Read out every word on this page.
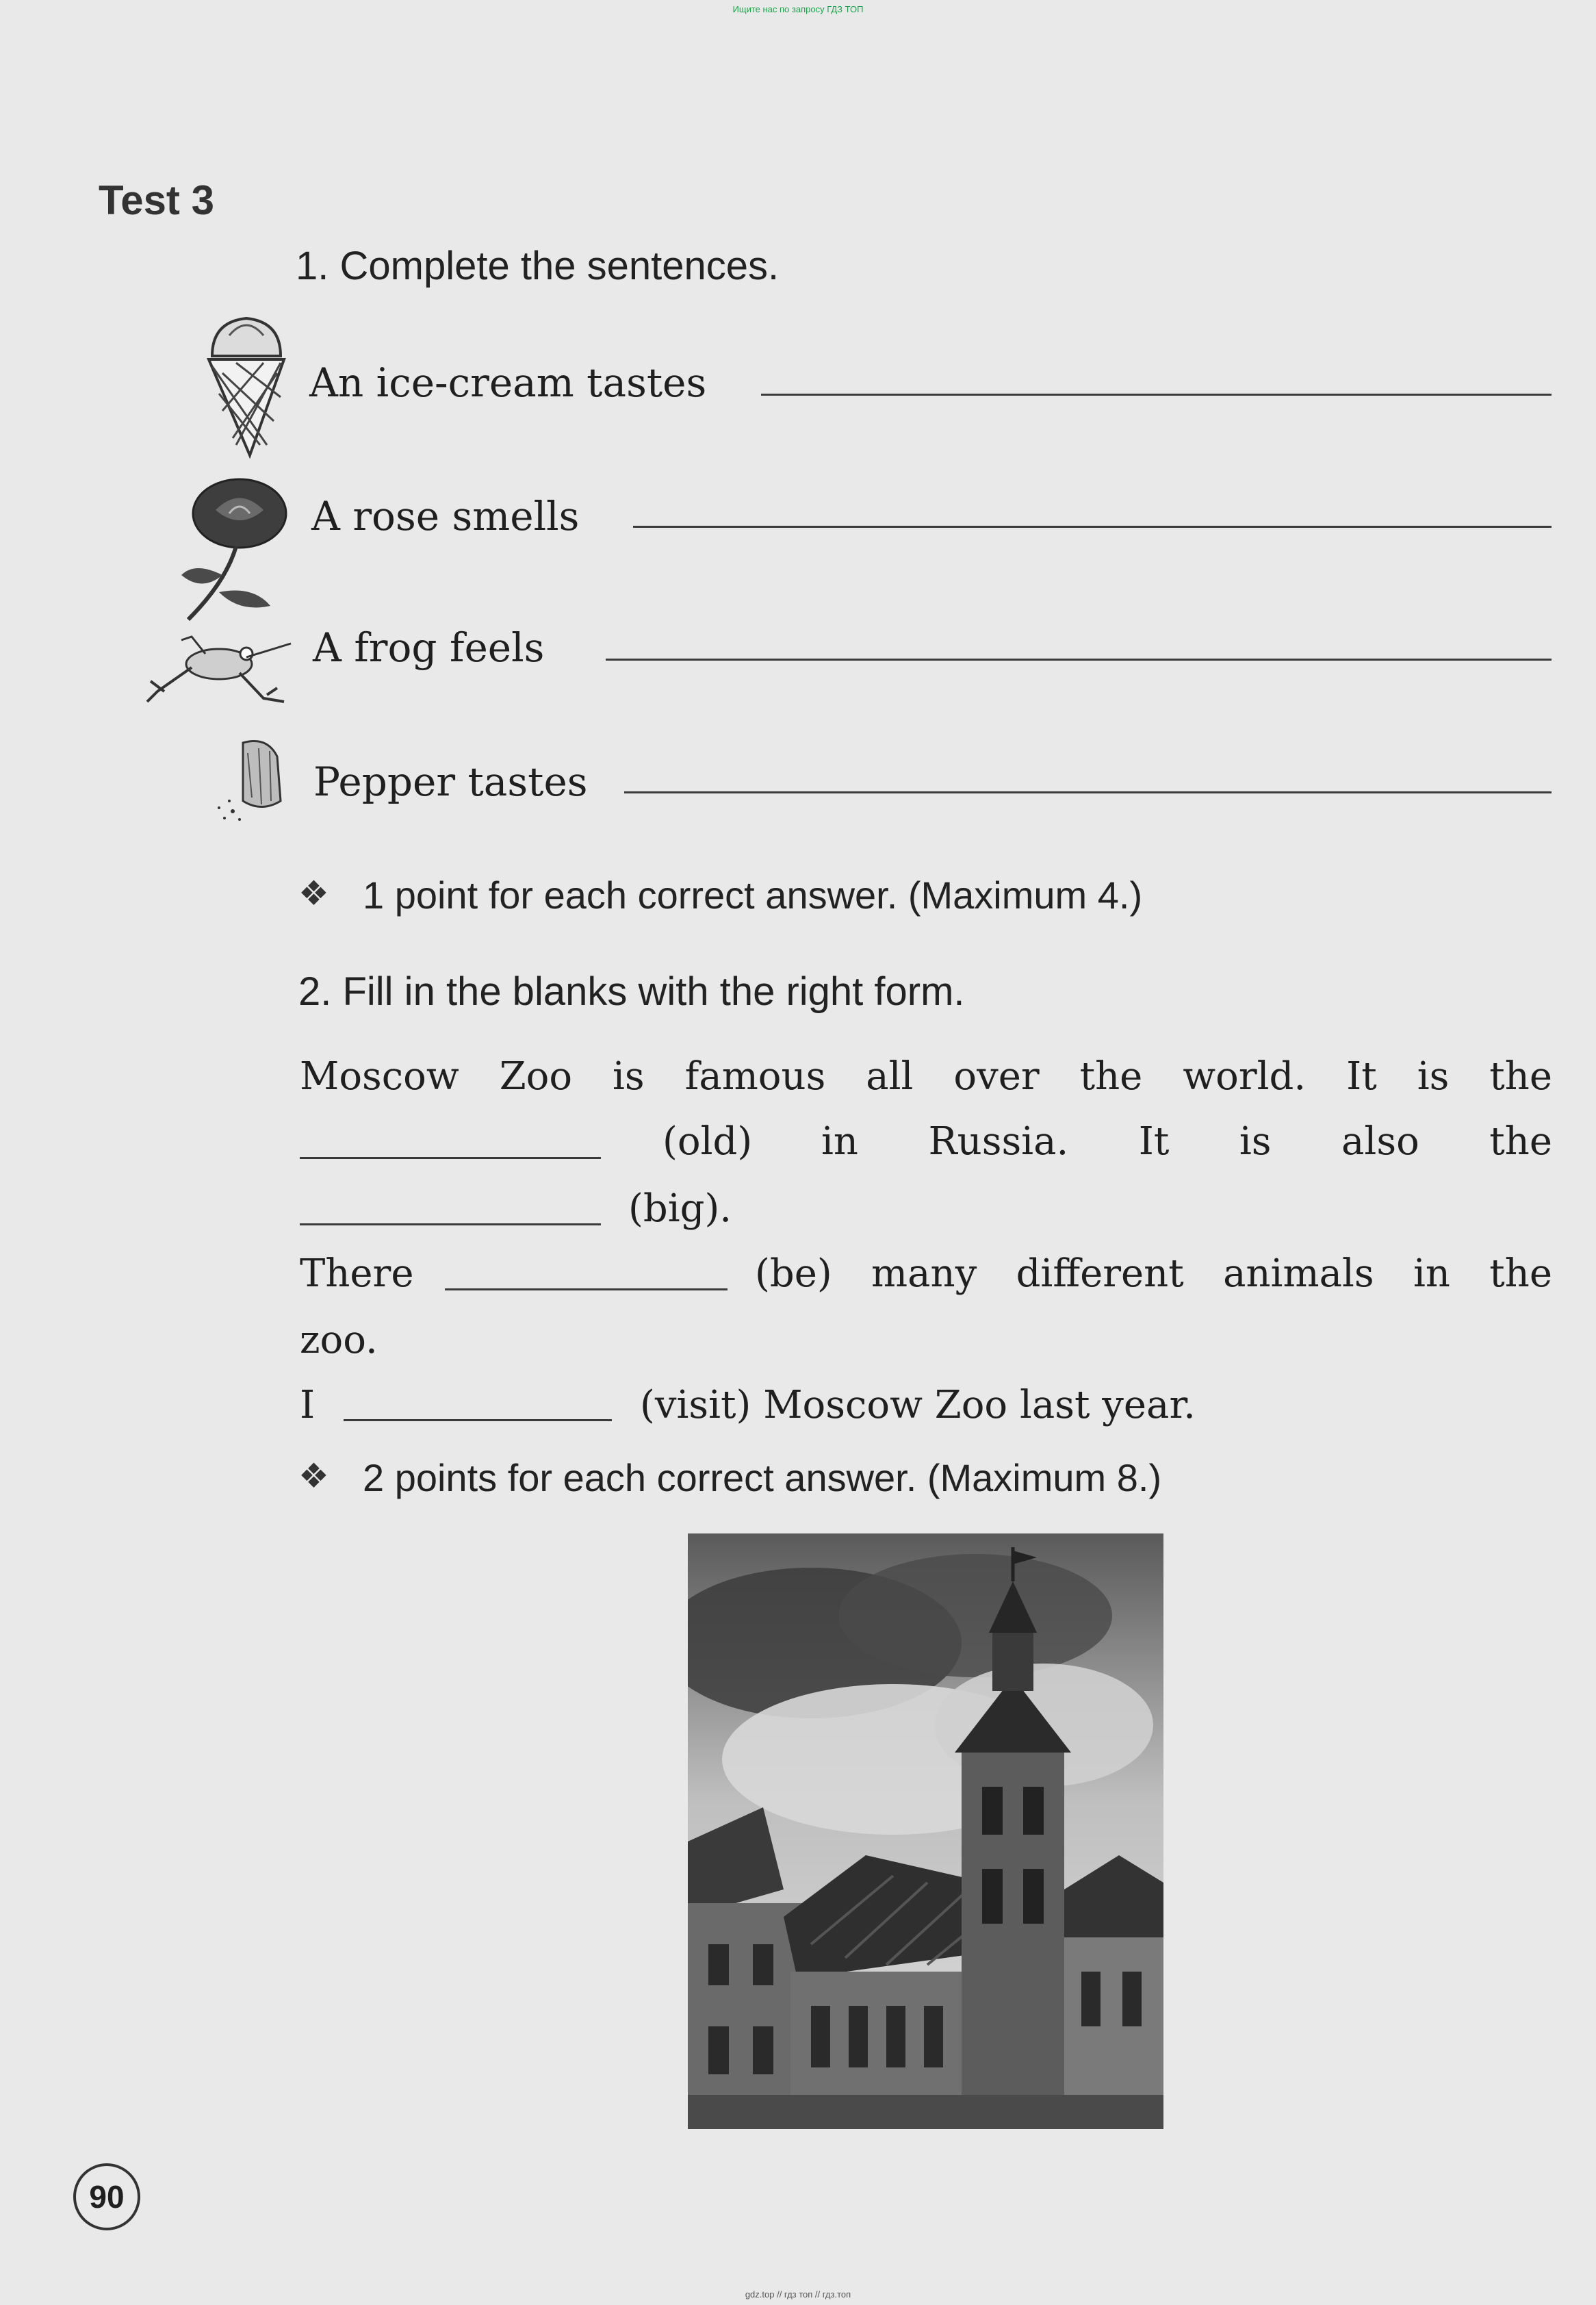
Ищите нас по запросу ГДЗ ТОП
gdz.top // гдз топ // гдз.топ
Test 3
1. Complete the sentences.
An ice-cream tastes
A rose smells
A frog feels
Pepper tastes
❖ 1 point for each correct answer. (Maximum 4.)
2. Fill in the blanks with the right form.
Moscow Zoo is famous all over the world. It is the
(old) in Russia. It is also the
(big).
There	(be) many different animals in the
zoo.
I	(visit) Moscow Zoo last year.
❖ 2 points for each correct answer. (Maximum 8.)
90
